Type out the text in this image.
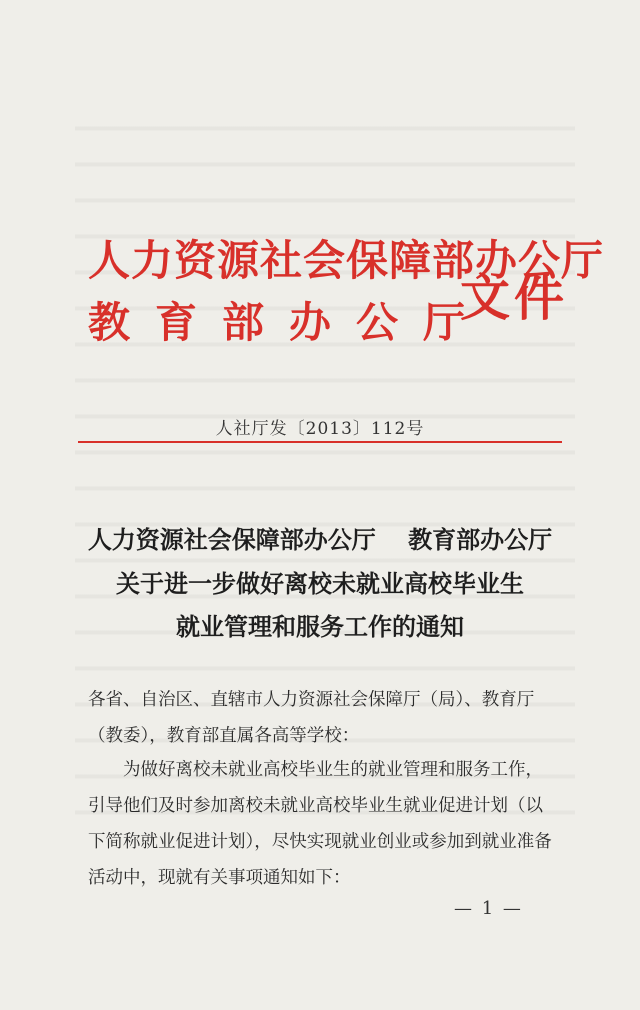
人力资源社会保障部办公厅
教育部办公厅
文件
人社厅发〔2013〕112号
人力资源社会保障部办公厅　 教育部办公厅
关于进一步做好离校未就业高校毕业生
就业管理和服务工作的通知
各省、自治区、直辖市人力资源社会保障厅（局）、教育厅（教委），教育部直属各高等学校：
为做好离校未就业高校毕业生的就业管理和服务工作，引导他们及时参加离校未就业高校毕业生就业促进计划（以下简称就业促进计划），尽快实现就业创业或参加到就业准备活动中，现就有关事项通知如下：
— 1 —
